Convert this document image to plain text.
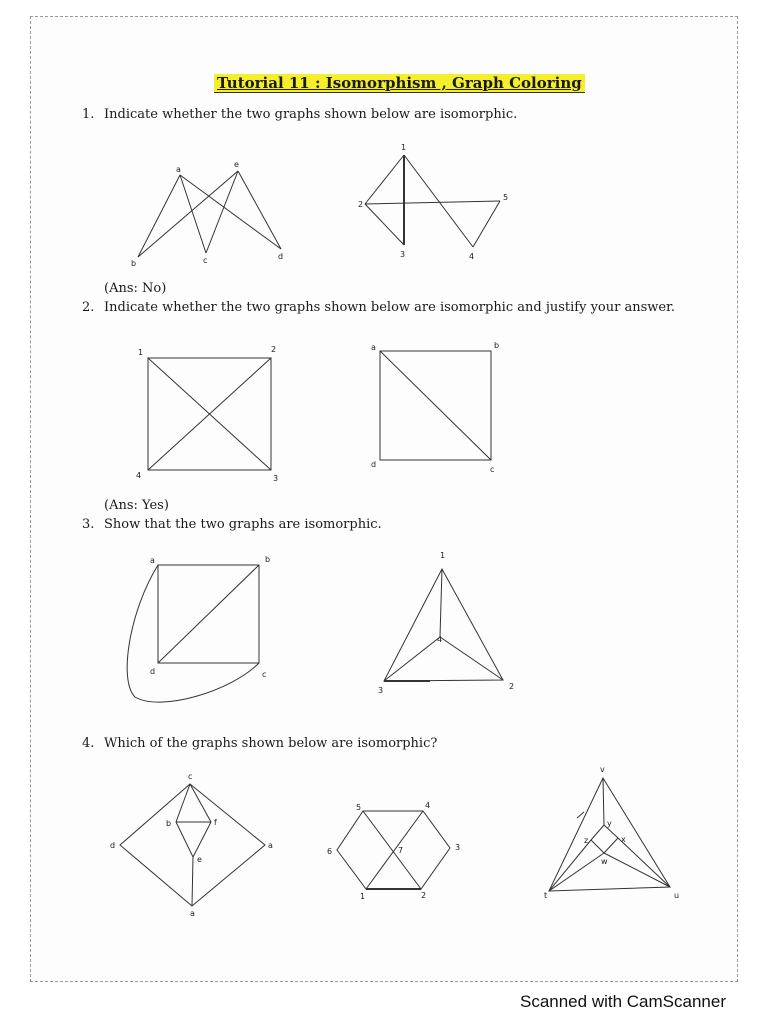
Tutorial 11 : Isomorphism , Graph Coloring
1. Indicate whether the two graphs shown below are isomorphic.
a
e
b	c	d
1
2
3	4
5
(Ans: No)
2. Indicate whether the two graphs shown below are isomorphic and justify your answer.
1	2
4	3
a	b
d
c
(Ans: Yes)
3. Show that the two graphs are isomorphic.
a	b
d	c
1
4
3	2
4. Which of the graphs shown below are isomorphic?
c
d	a
b	f
e
a
5	4
6	7	3
1	2
v
y
z	x
w
t	u
Scanned with CamScanner
